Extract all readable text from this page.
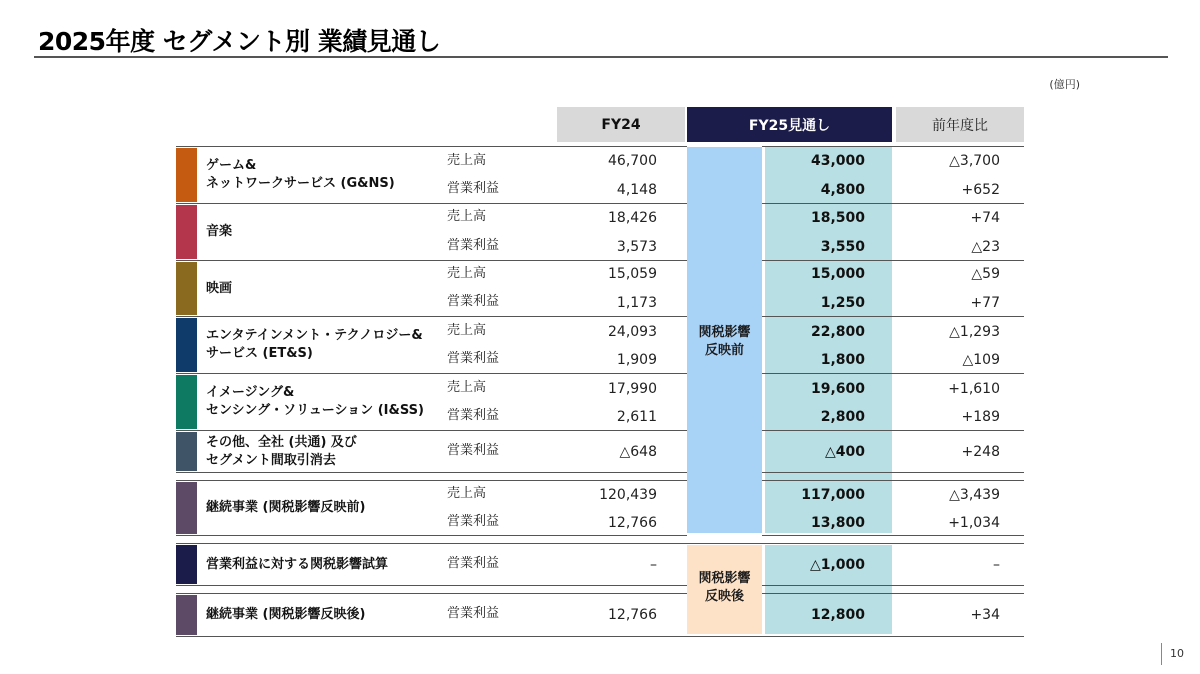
2025年度 セグメント別 業績見通し
(億円)
FY24	FY25見通し	前年度比
関税影響
反映前
関税影響
反映後
ゲーム&
ネットワークサービス (G&NS)
売上高	46,700	43,000	△3,700
営業利益	4,148	4,800	+652
音楽
売上高	18,426	18,500	+74
営業利益	3,573	3,550	△23
映画
売上高	15,059	15,000	△59
営業利益	1,173	1,250	+77
エンタテインメント・テクノロジー&
サービス (ET&S)
売上高	24,093	22,800	△1,293
営業利益	1,909	1,800	△109
イメージング&
センシング・ソリューション (I&SS)
売上高	17,990	19,600	+1,610
営業利益	2,611	2,800	+189
その他、全社 (共通) 及び
セグメント間取引消去
営業利益	△648	△400	+248
継続事業 (関税影響反映前)
売上高	120,439	117,000	△3,439
営業利益	12,766	13,800	+1,034
営業利益に対する関税影響試算	営業利益	–	△1,000	–
継続事業 (関税影響反映後)	営業利益	12,766	12,800	+34
10
